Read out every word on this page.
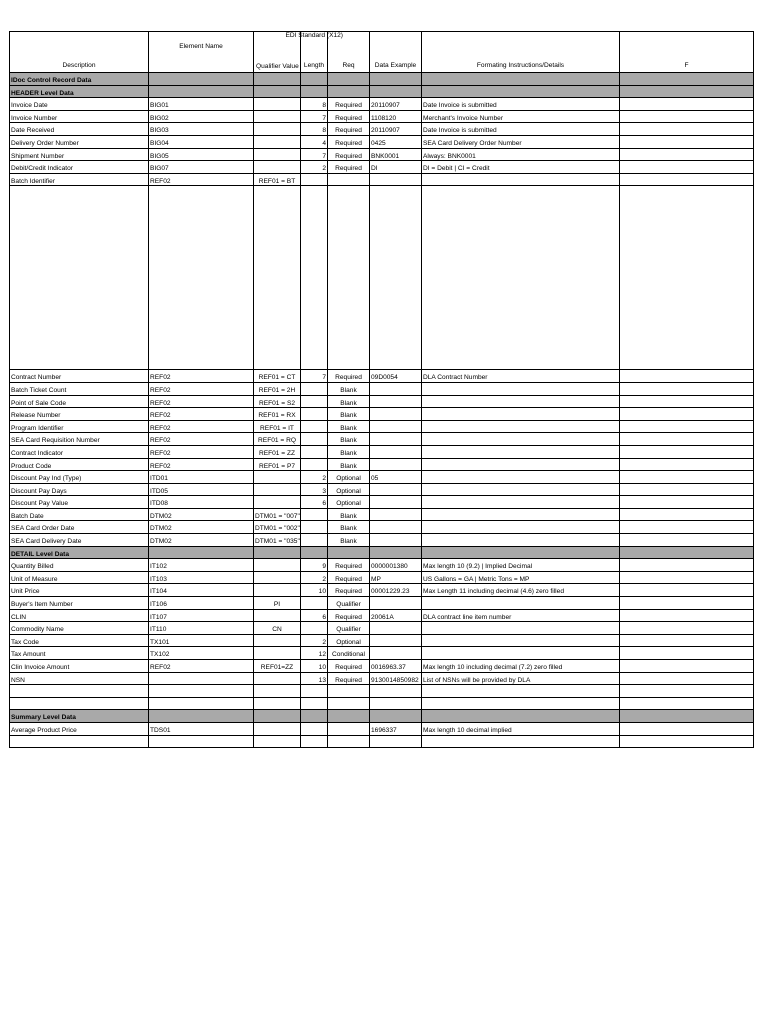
Description	EDI Standard (X12)
Element Name	Qualifier Value	Length	Req	Data Example	Formating Instructions/Details	F
IDoc Control Record Data							
HEADER Level Data							
Invoice Date	BIG01		8	Required	20110907	Date Invoice is submitted	
Invoice Number	BIG02		7	Required	1108120	Merchant's Invoice Number	
Date Received	BIG03		8	Required	20110907	Date Invoice is submitted	
Delivery Order Number	BIG04		4	Required	0425	SEA Card Delivery Order Number	
Shipment Number	BIG05		7	Required	BNK0001	Always: BNK0001	
Debit/Credit Indicator	BIG07		2	Required	DI	DI = Debit | CI = Credit	
Batch Identifier	REF02	REF01 = BT					

Contract Number	REF02	REF01 = CT	7	Required	09D0054	DLA Contract Number	
Batch Ticket Count	REF02	REF01 = 2H		Blank			
Point of Sale Code	REF02	REF01 = S2		Blank			
Release Number	REF02	REF01 = RX		Blank			
Program Identifier	REF02	REF01 = IT		Blank			
SEA Card Requisition Number	REF02	REF01 = RQ		Blank			
Contract Indicator	REF02	REF01 = ZZ		Blank			
Product Code	REF02	REF01 = P7		Blank			
Discount Pay Ind (Type)	ITD01		2	Optional	05		
Discount Pay Days	ITD05		3	Optional			
Discount Pay Value	ITD08		6	Optional			
Batch Date	DTM02	DTM01 = "007"		Blank			
SEA Card Order Date	DTM02	DTM01 = "002"		Blank			
SEA Card Delivery Date	DTM02	DTM01 = "035"		Blank			
DETAIL Level Data							
Quantity Billed	IT102		9	Required	0000001380	Max length 10 (9.2) | Implied Decimal	
Unit of Measure	IT103		2	Required	MP	US Gallons = GA | Metric Tons = MP	
Unit Price	IT104		10	Required	00001229.23	Max Length 11 including decimal (4.6) zero filled	
Buyer's Item Number	IT106	PI		Qualifier			
CLIN	IT107		6	Required	20061A	DLA contract line item number	
Commodity Name	IT110	CN		Qualifier			
Tax Code	TX101		2	Optional			
Tax Amount	TX102		12	Conditional			
Clin Invoice Amount	REF02	REF01=ZZ	10	Required	0016963.37	Max length 10 including decimal (7.2) zero filled	
NSN			13	Required	9130014850982	List of NSNs will be provided by DLA	

Summary Level Data							
Average Product Price	TDS01				1696337	Max length 10 decimal implied	
